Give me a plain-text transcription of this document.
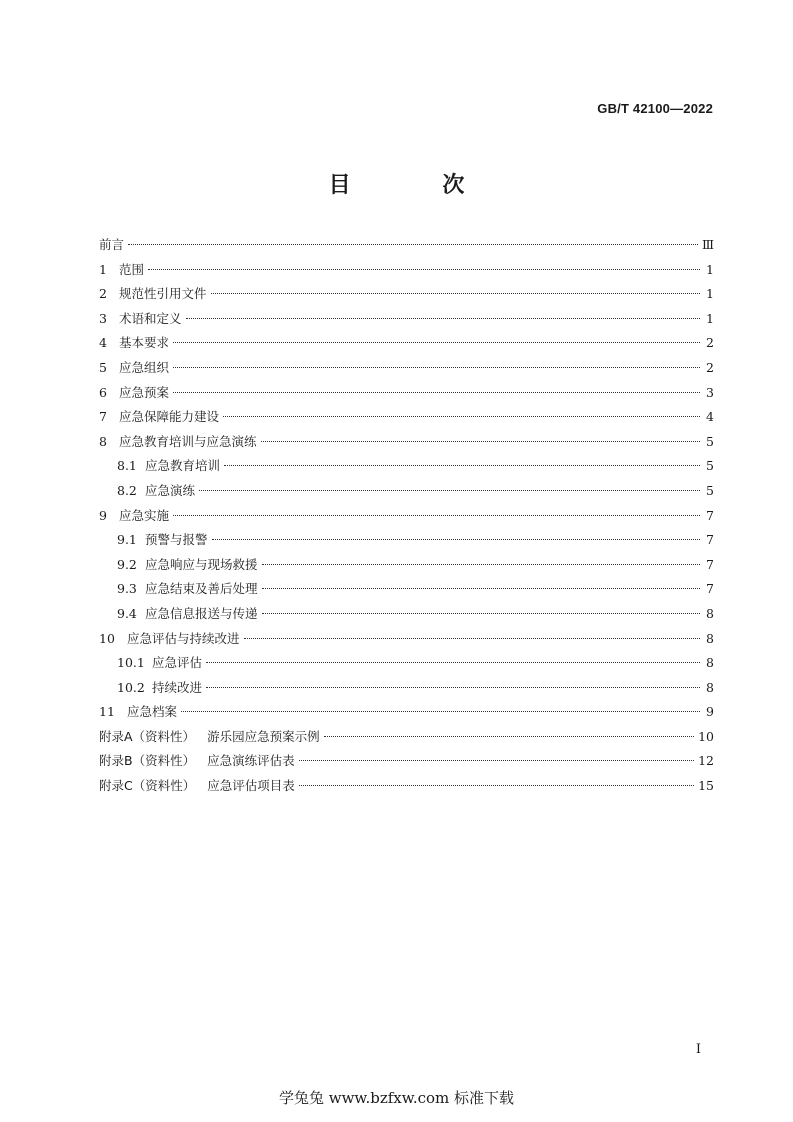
GB/T 42100—2022
目 次
前言	Ⅲ
1 范围	1
2 规范性引用文件	1
3 术语和定义	1
4 基本要求	2
5 应急组织	2
6 应急预案	3
7 应急保障能力建设	4
8 应急教育培训与应急演练	5
8.1 应急教育培训	5
8.2 应急演练	5
9 应急实施	7
9.1 预警与报警	7
9.2 应急响应与现场救援	7
9.3 应急结束及善后处理	7
9.4 应急信息报送与传递	8
10 应急评估与持续改进	8
10.1 应急评估	8
10.2 持续改进	8
11 应急档案	9
附录A（资料性） 游乐园应急预案示例	10
附录B（资料性） 应急演练评估表	12
附录C（资料性） 应急评估项目表	15
I
学兔兔 www.bzfxw.com 标准下载
